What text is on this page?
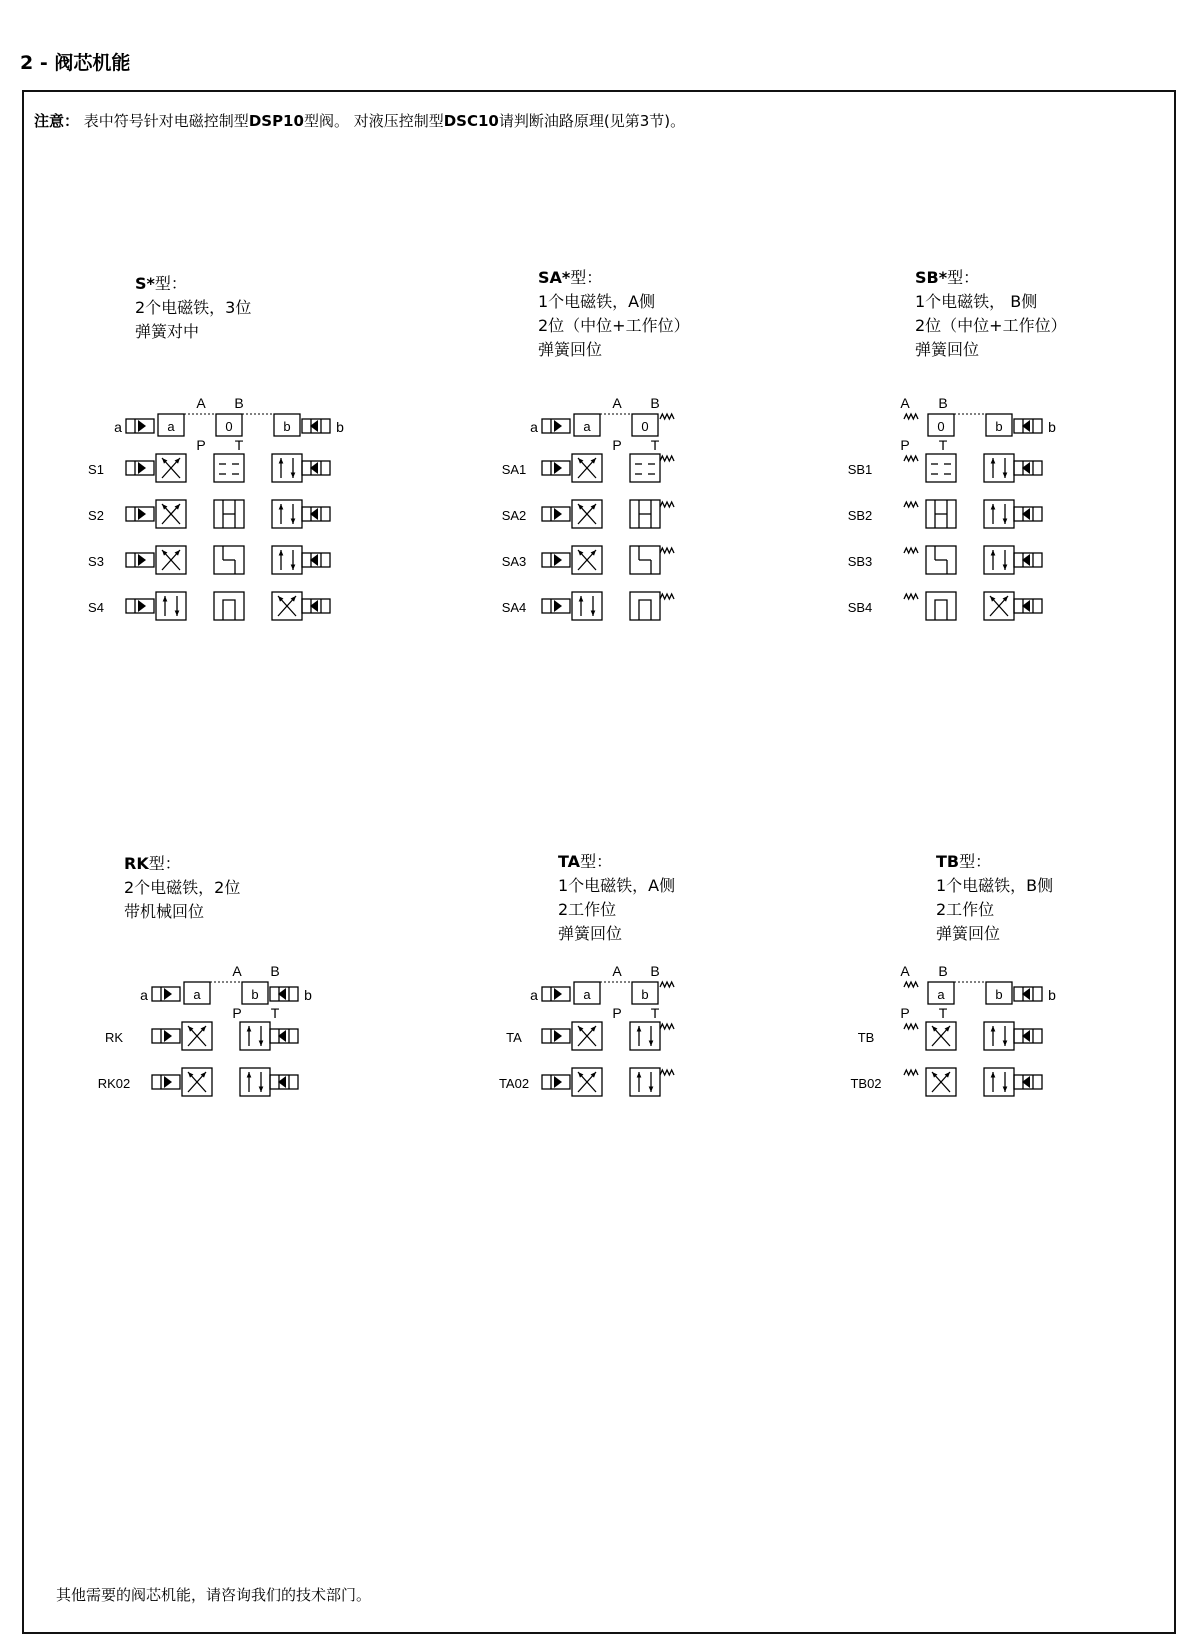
2 - 阀芯机能
注意： 表中符号针对电磁控制型DSP10型阀。 对液压控制型DSC10请判断油路原理(见第3节)。
S*型：
2个电磁铁，3位
弹簧对中
SA*型：
1个电磁铁，A侧
2位（中位+工作位）
弹簧回位
SB*型：
1个电磁铁， B侧
2位（中位+工作位）
弹簧回位
RK型：
2个电磁铁，2位
带机械回位
TA型：
1个电磁铁，A侧
2工作位
弹簧回位
TB型：
1个电磁铁，B侧
2工作位
弹簧回位
A B
a	0	b
a	b
P T
S1
S2
S3
S4
A B
a	0
a
P T
SA1
SA2
SA3
SA4
A B
0	b	b
P T
SB1
SB2
SB3
SB4
A B
a	b
a	b
P T
RK
RK02
A B
a	b
a
P T
TA
TA02
A B
a	b	b
P T
TB
TB02
其他需要的阀芯机能，请咨询我们的技术部门。
